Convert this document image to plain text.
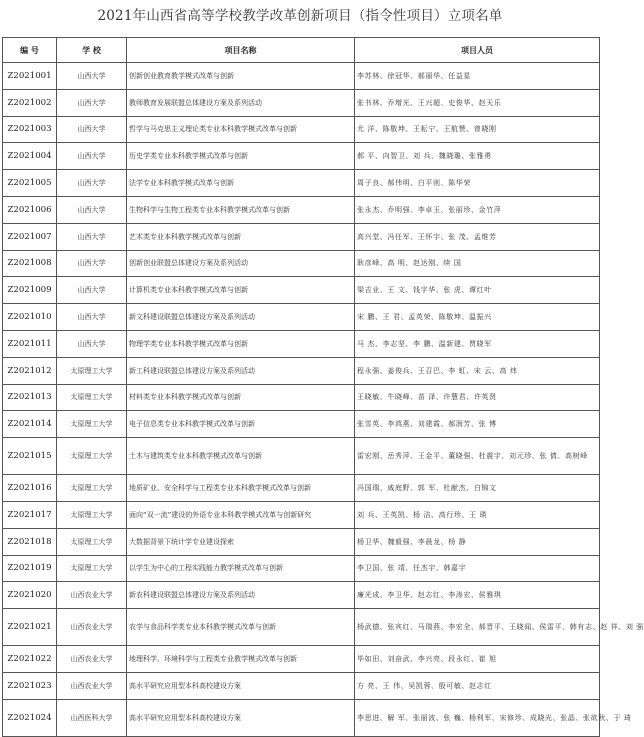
2021年山西省高等学校教学改革创新项目（指令性项目）立项名单
编 号	学 校	项目名称	项目人员
Z2021001	山西大学	创新创业教育教学模式改革与创新	李苏林、徐冠华、郝丽华、任益星
Z2021002	山西大学	教师教育发展联盟总体建设方案及系列活动	张书林、乔增光、王兴超、史俊华、赵天乐
Z2021003	山西大学	哲学与马克思主义理论类专业本科教学模式改革与创新	尤 洋、陈敬坤、王耘宁、王航赞、曾晓刚
Z2021004	山西大学	历史学类专业本科教学模式改革与创新	郝 平、向智卫、刘 兵、魏晓璐、张雅勇
Z2021005	山西大学	法学专业本科教学模式改革与创新	周子良、郝伟明、白平则、陈华荣
Z2021006	山西大学	生物科学与生物工程类专业本科教学模式改革与创新	张永杰、乔明强、李卓玉、张丽珍、金竹萍
Z2021007	山西大学	艺术类专业本科教学模式改革与创新	高兴堂、冯任军、王怀宇、张 茂、孟维芳
Z2021008	山西大学	创新创业联盟总体建设方案及系列活动	耿彦峰、高 明、赵达刚、续 国
Z2021009	山西大学	计算机类专业本科教学模式改革与创新	梁吉业、王 文、钱宇华、张 虎、谭红叶
Z2021010	山西大学	新文科建设联盟总体建设方案及系列活动	宋 鹏、王 君、孟英荣、陈敬坤、温振兴
Z2021011	山西大学	物理学类专业本科教学模式改革与创新	马 杰、李志坚、李 鹏、温新建、贾晓军
Z2021012	太原理工大学	新工科建设联盟总体建设方案及系列活动	程永强、姜俊兵、王召巴、李 虹、宋 云、高 炜
Z2021013	太原理工大学	材料类专业本科教学模式改革与创新	王晓敏、牛晓峰、苗 泽、许慧君、许英贤
Z2021014	太原理工大学	电子信息类专业本科教学模式改革与创新	张雪英、李鸿燕、刘建霞、郝润芳、张 博
Z2021015	太原理工大学	土木与建筑类专业本科教学模式改革与创新	雷宏刚、岳秀萍、王金平、董晓强、杜震宇、刘元珍、张 倩、高树峰
Z2021016	太原理工大学	地质矿业、安全科学与工程类专业本科教学模式改革与创新	冯国瑞、戚庭野、郭 军、杜献杰、白锦文
Z2021017	太原理工大学	面向“双一流”建设的外语专业本科教学模式改革与创新研究	刘 兵、王英凯、杨 洁、高行珍、王 瑛
Z2021018	太原理工大学	大数据背景下统计学专业建设探索	杨卫华、魏毅强、李晨龙、杨 静
Z2021019	太原理工大学	以学生为中心的工程实践能力教学模式改革与创新	李卫国、张 靖、任杰宇、韩嘉宇
Z2021020	山西农业大学	新农科建设联盟总体建设方案及系列活动	廉光成、李卫华、赵志红、李涛宏、侯雅琪
Z2021021	山西农业大学	农学与食品科学类专业本科教学模式改革与创新	杨武德、张宾红、马瑞燕、李宏全、郝晋平、王晓闻、侯雷平、韩有志、赵 祥、刘 强
Z2021022	山西农业大学	地理科学、环境科学与工程类专业教学模式改革与创新	毕如田、刘奋武、李兴亮、段永红、崔 旭
Z2021023	山西农业大学	高水平研究应用型本科高校建设方案	方 亮、王 伟、吴凯蓉、殷可敏、赵志红
Z2021024	山西医科大学	高水平研究应用型本科高校建设方案	李思进、解 军、张丽波、张 巍、杨利军、宋修珍、成晓光、张晶、张欲秋、于 琦
